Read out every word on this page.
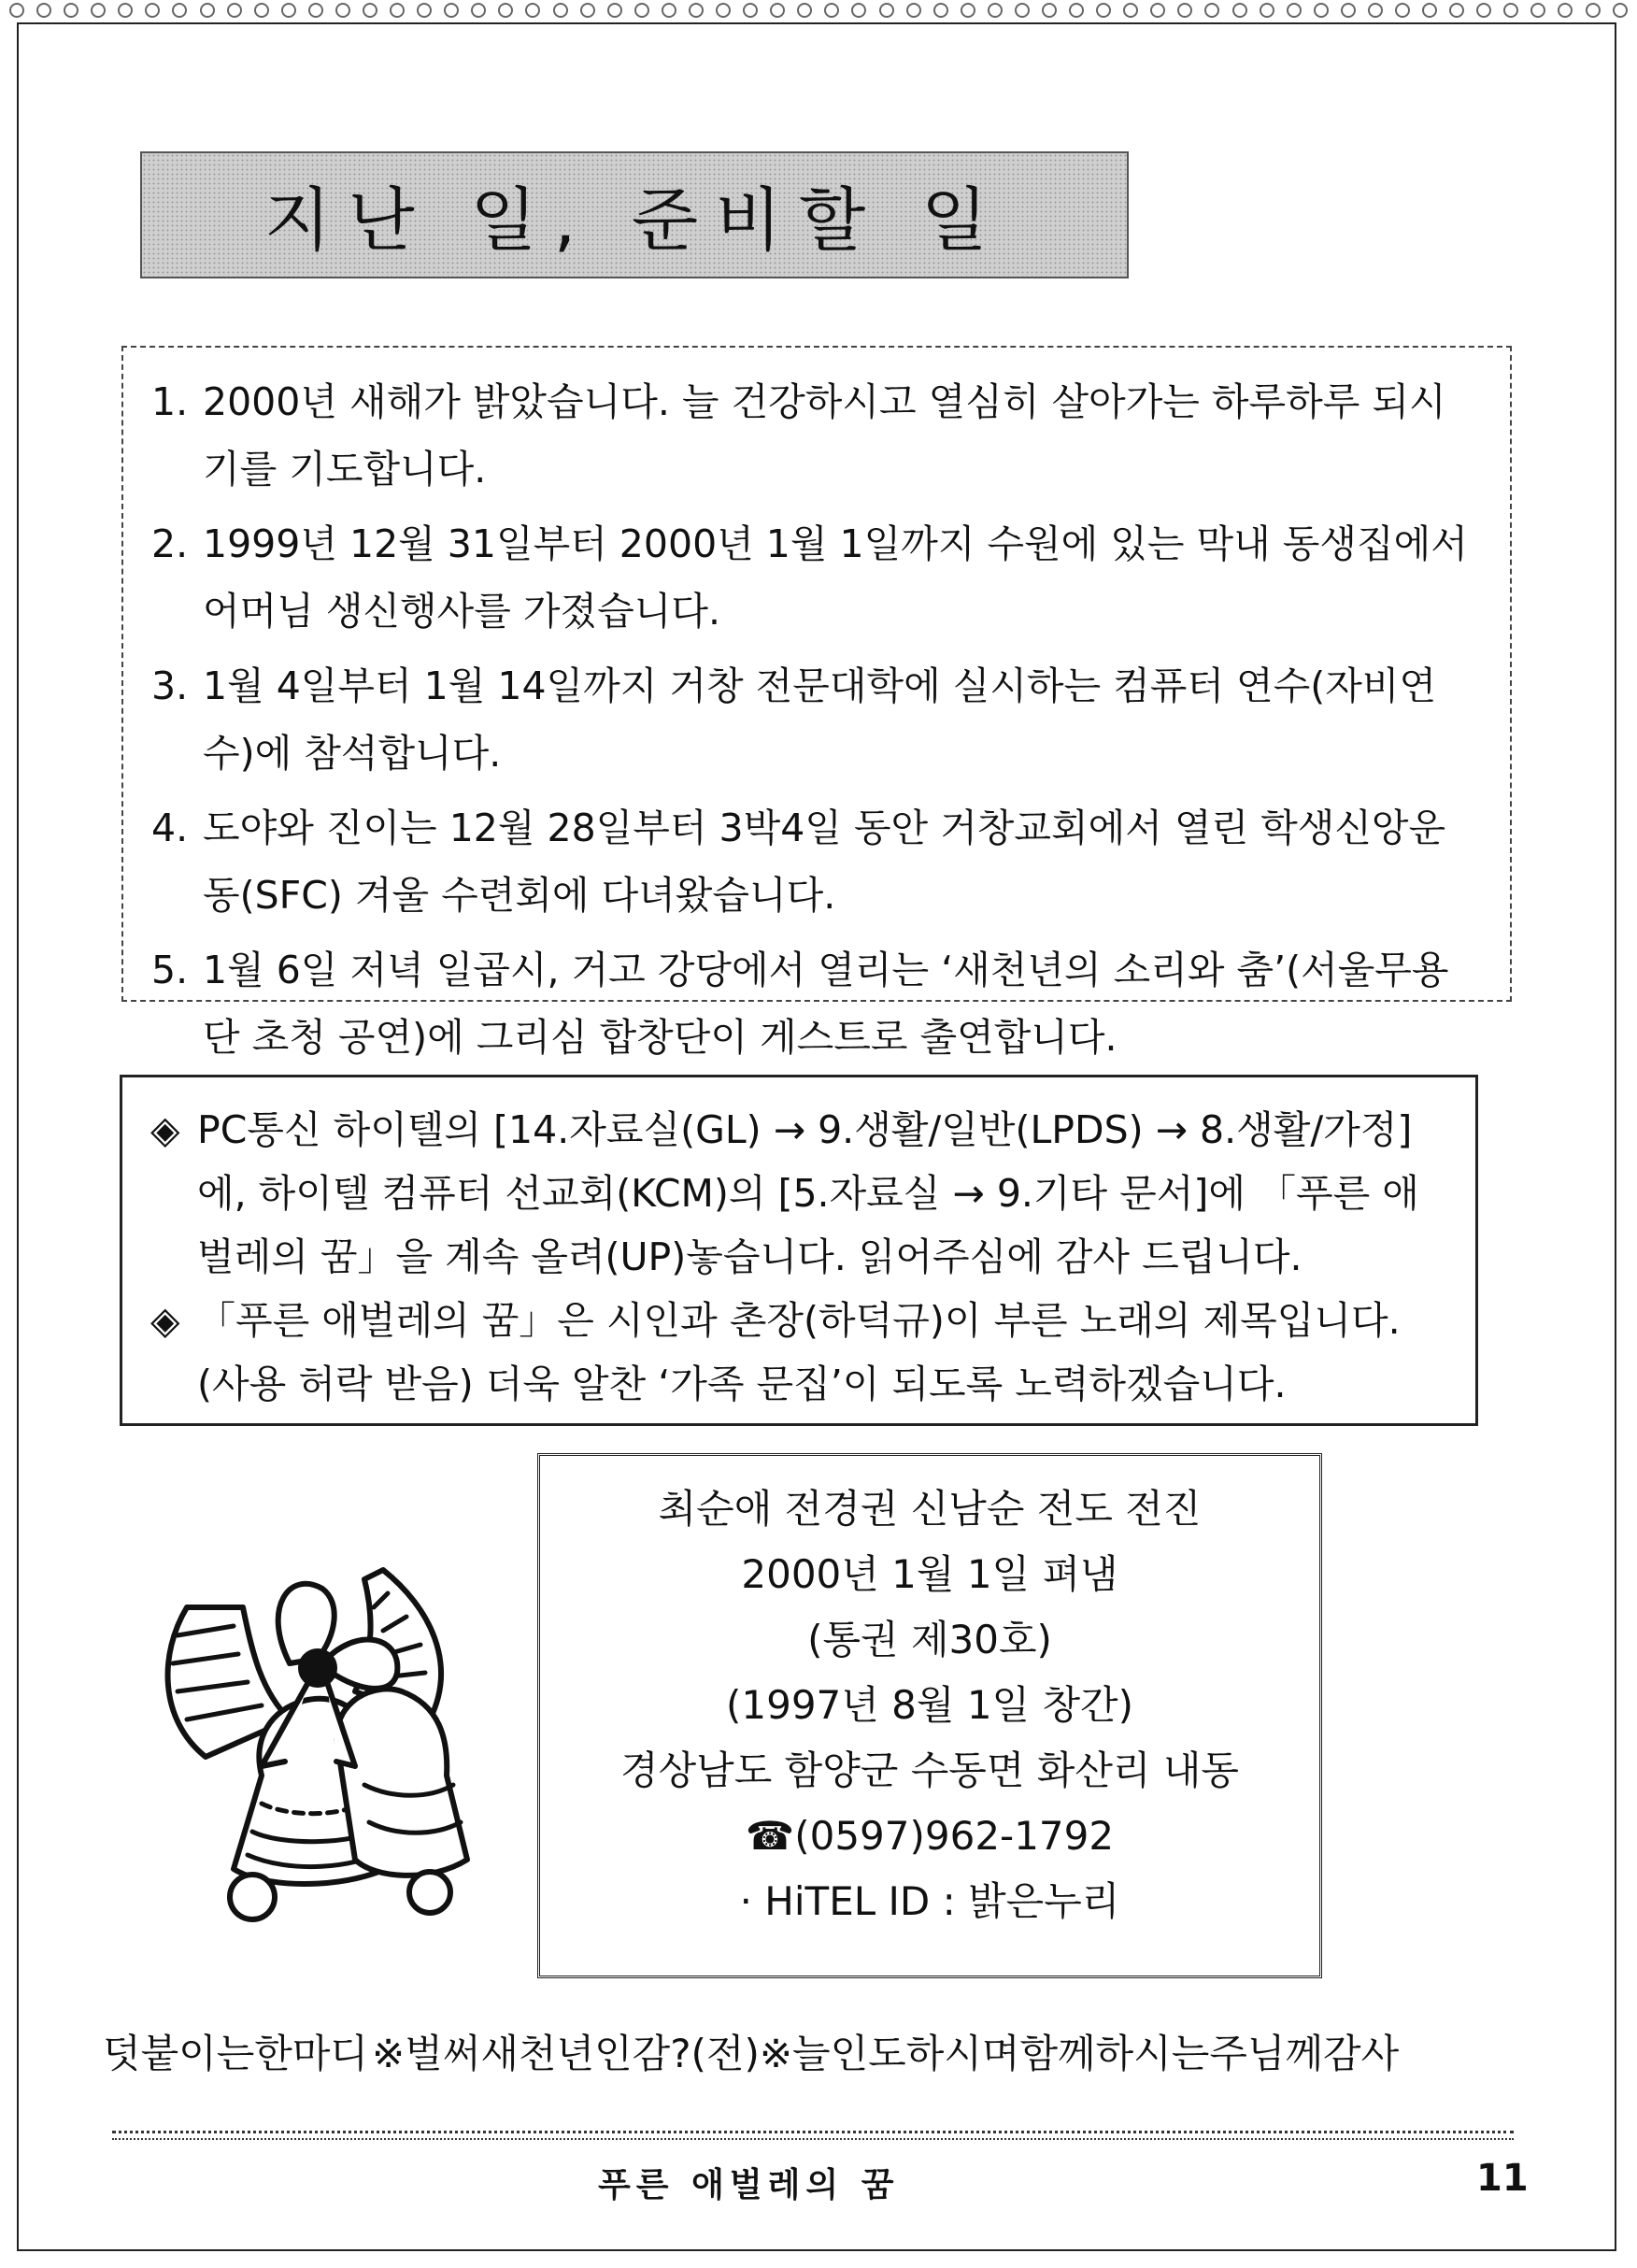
지난 일, 준비할 일
1. 2000년 새해가 밝았습니다. 늘 건강하시고 열심히 살아가는 하루하루 되시기를 기도합니다.
2. 1999년 12월 31일부터 2000년 1월 1일까지 수원에 있는 막내 동생집에서 어머님 생신행사를 가졌습니다.
3. 1월 4일부터 1월 14일까지 거창 전문대학에 실시하는 컴퓨터 연수(자비연수)에 참석합니다.
4. 도야와 진이는 12월 28일부터 3박4일 동안 거창교회에서 열린 학생신앙운동(SFC) 겨울 수련회에 다녀왔습니다.
5. 1월 6일 저녁 일곱시, 거고 강당에서 열리는 ‘새천년의 소리와 춤’(서울무용단 초청 공연)에 그리심 합창단이 게스트로 출연합니다.
◈ PC통신 하이텔의 [14.자료실(GL) → 9.생활/일반(LPDS) → 8.생활/가정]에, 하이텔 컴퓨터 선교회(KCM)의 [5.자료실 → 9.기타 문서]에 「푸른 애벌레의 꿈」을 계속 올려(UP)놓습니다. 읽어주심에 감사 드립니다.
◈ 「푸른 애벌레의 꿈」은 시인과 촌장(하덕규)이 부른 노래의 제목입니다. (사용 허락 받음) 더욱 알찬 ‘가족 문집’이 되도록 노력하겠습니다.
최순애 전경권 신남순 전도 전진
2000년 1월 1일 펴냄
(통권 제30호)
(1997년 8월 1일 창간)
경상남도 함양군 수동면 화산리 내동
☎(0597)962-1792
· HiTEL ID : 밝은누리
덧붙이는한마디※벌써새천년인감?(전)※늘인도하시며함께하시는주님께감사
푸른 애벌레의 꿈	11
